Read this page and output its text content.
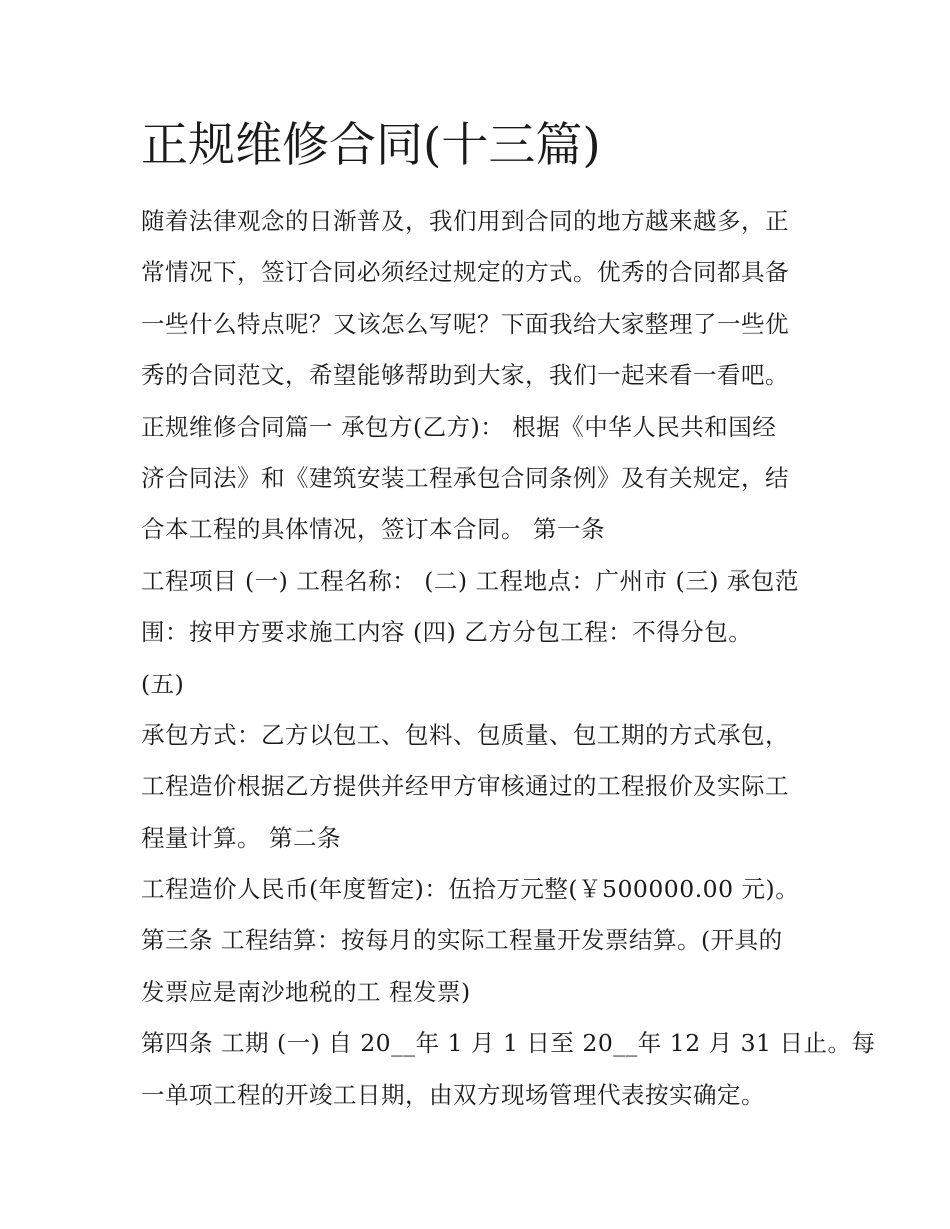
正规维修合同(十三篇)
随着法律观念的日渐普及，我们用到合同的地方越来越多，正
常情况下，签订合同必须经过规定的方式。优秀的合同都具备
一些什么特点呢？又该怎么写呢？下面我给大家整理了一些优
秀的合同范文，希望能够帮助到大家，我们一起来看一看吧。
正规维修合同篇一 承包方(乙方)： 根据《中华人民共和国经
济合同法》和《建筑安装工程承包合同条例》及有关规定，结
合本工程的具体情况，签订本合同。 第一条
工程项目 (一) 工程名称： (二) 工程地点：广州市 (三) 承包范
围：按甲方要求施工内容 (四) 乙方分包工程：不得分包。
(五)
承包方式：乙方以包工、包料、包质量、包工期的方式承包，
工程造价根据乙方提供并经甲方审核通过的工程报价及实际工
程量计算。 第二条
工程造价人民币(年度暂定)：伍拾万元整(￥500000.00 元)。
第三条 工程结算：按每月的实际工程量开发票结算。(开具的
发票应是南沙地税的工 程发票)
第四条 工期 (一) 自 20__年 1 月 1 日至 20__年 12 月 31 日止。每
一单项工程的开竣工日期，由双方现场管理代表按实确定。
